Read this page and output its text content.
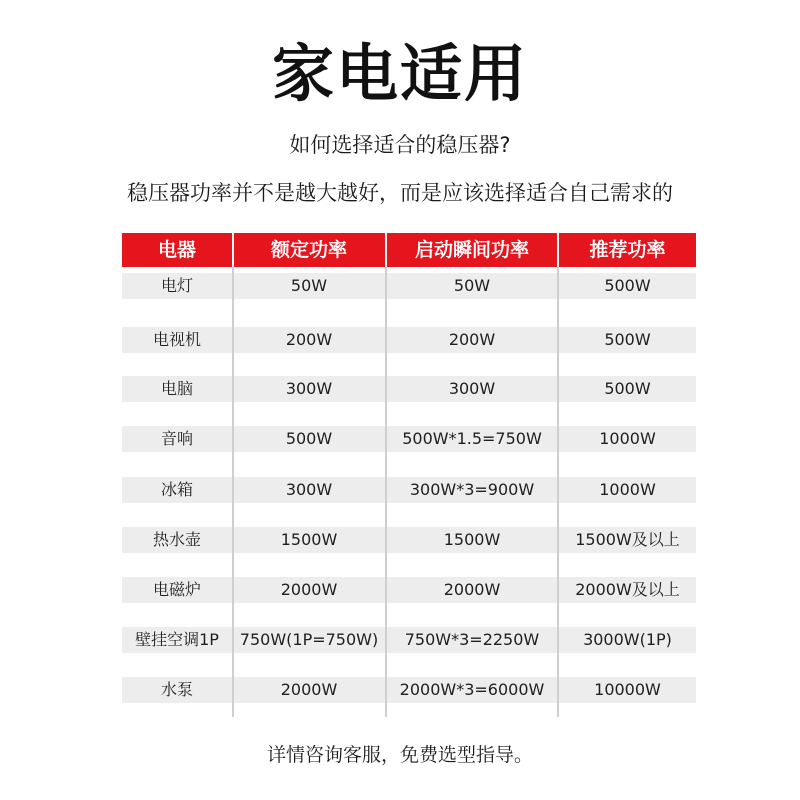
家电适用
如何选择适合的稳压器?
稳压器功率并不是越大越好，而是应该选择适合自己需求的
电器	额定功率	启动瞬间功率	推荐功率
电灯	50W	50W	500W
电视机	200W	200W	500W
电脑	300W	300W	500W
音响	500W	500W*1.5=750W	1000W
冰箱	300W	300W*3=900W	1000W
热水壶	1500W	1500W	1500W及以上
电磁炉	2000W	2000W	2000W及以上
壁挂空调1P	750W(1P=750W)	750W*3=2250W	3000W(1P)
水泵	2000W	2000W*3=6000W	10000W
详情咨询客服，免费选型指导。
